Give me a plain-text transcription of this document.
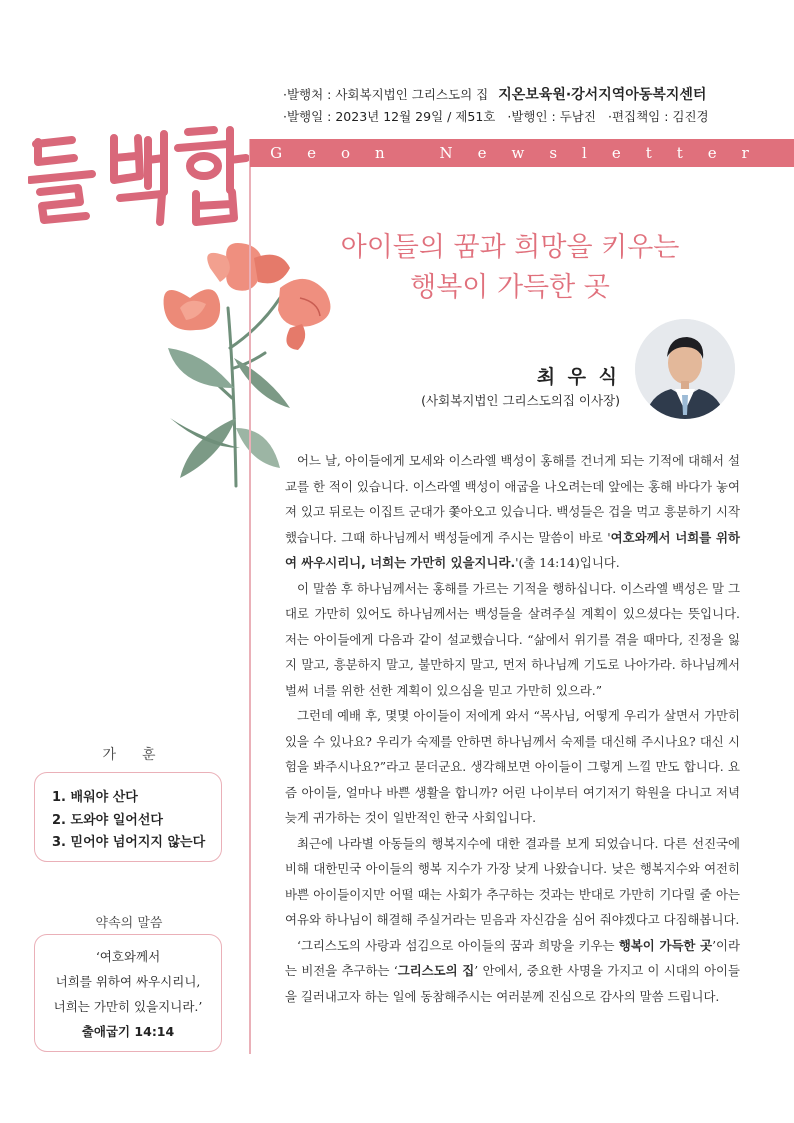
·발행처 : 사회복지법인 그리스도의 집 지온보육원·강서지역아동복지센터
·발행일 : 2023년 12월 29일 / 제51호 ·발행인 : 두남진 ·편집책임 : 김진경
Geon Newsletter
아이들의 꿈과 희망을 키우는
행복이 가득한 곳
최 우 식
(사회복지법인 그리스도의집 이사장)

어느 날, 아이들에게 모세와 이스라엘 백성이 홍해를 건너게 되는 기적에 대해서 설교를 한 적이 있습니다. 이스라엘 백성이 애굽을 나오려는데 앞에는 홍해 바다가 놓여져 있고 뒤로는 이집트 군대가 쫓아오고 있습니다. 백성들은 겁을 먹고 흥분하기 시작했습니다. 그때 하나님께서 백성들에게 주시는 말씀이 바로 '여호와께서 너희를 위하여 싸우시리니, 너희는 가만히 있을지니라.'(출 14:14)입니다.

이 말씀 후 하나님께서는 홍해를 가르는 기적을 행하십니다. 이스라엘 백성은 말 그대로 가만히 있어도 하나님께서는 백성들을 살려주실 계획이 있으셨다는 뜻입니다. 저는 아이들에게 다음과 같이 설교했습니다. “삶에서 위기를 겪을 때마다, 진정을 잃지 말고, 흥분하지 말고, 불만하지 말고, 먼저 하나님께 기도로 나아가라. 하나님께서 벌써 너를 위한 선한 계획이 있으심을 믿고 가만히 있으라.”

그런데 예배 후, 몇몇 아이들이 저에게 와서 “목사님, 어떻게 우리가 살면서 가만히 있을 수 있나요? 우리가 숙제를 안하면 하나님께서 숙제를 대신해 주시나요? 대신 시험을 봐주시나요?”라고 묻더군요. 생각해보면 아이들이 그렇게 느낄 만도 합니다. 요즘 아이들, 얼마나 바쁜 생활을 합니까? 어린 나이부터 여기저기 학원을 다니고 저녁 늦게 귀가하는 것이 일반적인 한국 사회입니다.

최근에 나라별 아동들의 행복지수에 대한 결과를 보게 되었습니다. 다른 선진국에 비해 대한민국 아이들의 행복 지수가 가장 낮게 나왔습니다. 낮은 행복지수와 여전히 바쁜 아이들이지만 어떨 때는 사회가 추구하는 것과는 반대로 가만히 기다릴 줄 아는 여유와 하나님이 해결해 주실거라는 믿음과 자신감을 심어 줘야겠다고 다짐해봅니다.

‘그리스도의 사랑과 섬김으로 아이들의 꿈과 희망을 키우는 행복이 가득한 곳’이라는 비전을 추구하는 ‘그리스도의 집’ 안에서, 중요한 사명을 가지고 이 시대의 아이들을 길러내고자 하는 일에 동참해주시는 여러분께 진심으로 감사의 말씀 드립니다.

가훈
1. 배워야 산다
2. 도와야 일어선다
3. 믿어야 넘어지지 않는다
약속의 말씀
‘여호와께서
너희를 위하여 싸우시리니,
너희는 가만히 있을지니라.’
출애굽기 14:14
